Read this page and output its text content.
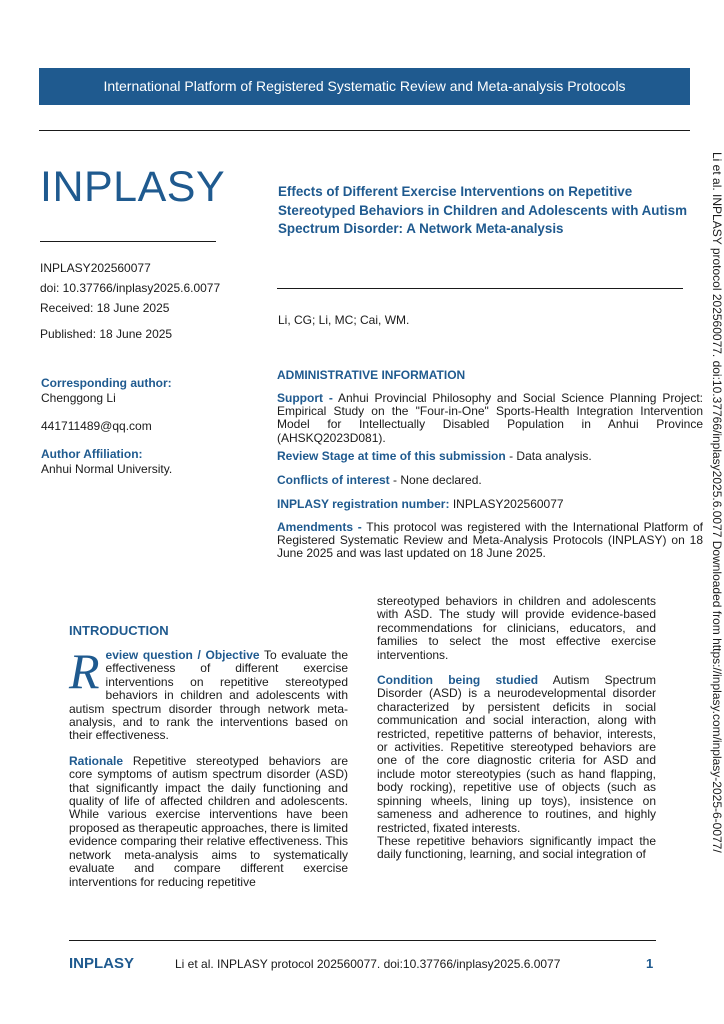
International Platform of Registered Systematic Review and Meta-analysis Protocols
INPLASY
INPLASY202560077
doi: 10.37766/inplasy2025.6.0077
Received: 18 June 2025
Published: 18 June 2025
Corresponding author:
Chenggong Li
441711489@qq.com
Author Affiliation:
Anhui Normal University.
Effects of Different Exercise Interventions on Repetitive Stereotyped Behaviors in Children and Adolescents with Autism Spectrum Disorder: A Network Meta-analysis
Li, CG; Li, MC; Cai, WM.
ADMINISTRATIVE INFORMATION
Support - Anhui Provincial Philosophy and Social Science Planning Project: Empirical Study on the "Four-in-One" Sports-Health Integration Intervention Model for Intellectually Disabled Population in Anhui Province (AHSKQ2023D081).
Review Stage at time of this submission - Data analysis.
Conflicts of interest - None declared.
INPLASY registration number: INPLASY202560077
Amendments - This protocol was registered with the International Platform of Registered Systematic Review and Meta-Analysis Protocols (INPLASY) on 18 June 2025 and was last updated on 18 June 2025.	Li et al. INPLASY protocol 202560077. doi:10.37766/inplasy2025.6.0077 Downloaded from https://inplasy.com/inplasy-2025-6-0077/
INTRODUCTION

Review question / Objective To evaluate the effectiveness of different exercise interventions on repetitive stereotyped behaviors in children and adolescents with autism spectrum disorder through network meta-analysis, and to rank the interventions based on their effectiveness.

Rationale Repetitive stereotyped behaviors are core symptoms of autism spectrum disorder (ASD) that significantly impact the daily functioning and quality of life of affected children and adolescents. While various exercise interventions have been proposed as therapeutic approaches, there is limited evidence comparing their relative effectiveness. This network meta-analysis aims to systematically evaluate and compare different exercise interventions for reducing repetitive

stereotyped behaviors in children and adolescents with ASD. The study will provide evidence-based recommendations for clinicians, educators, and families to select the most effective exercise interventions.

Condition being studied Autism Spectrum Disorder (ASD) is a neurodevelopmental disorder characterized by persistent deficits in social communication and social interaction, along with restricted, repetitive patterns of behavior, interests, or activities. Repetitive stereotyped behaviors are one of the core diagnostic criteria for ASD and include motor stereotypies (such as hand flapping, body rocking), repetitive use of objects (such as spinning wheels, lining up toys), insistence on sameness and adherence to routines, and highly restricted, fixated interests.

These repetitive behaviors significantly impact the daily functioning, learning, and social integration of

INPLASY	Li et al. INPLASY protocol 202560077. doi:10.37766/inplasy2025.6.0077	1
